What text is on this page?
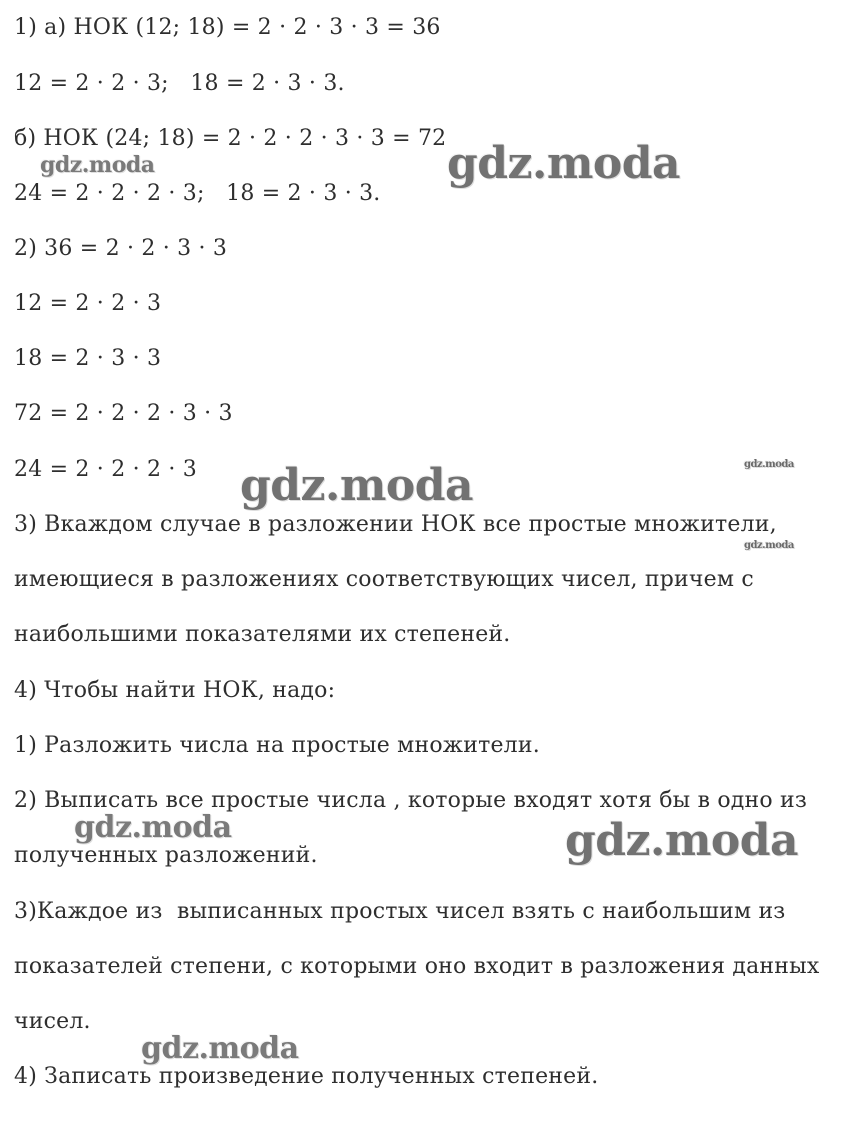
1) а) НОК (12; 18) = 2 · 2 · 3 · 3 = 36
12 = 2 · 2 · 3;   18 = 2 · 3 · 3.
б) НОК (24; 18) = 2 · 2 · 2 · 3 · 3 = 72
24 = 2 · 2 · 2 · 3;   18 = 2 · 3 · 3.
2) 36 = 2 · 2 · 3 · 3
12 = 2 · 2 · 3
18 = 2 · 3 · 3
72 = 2 · 2 · 2 · 3 · 3
24 = 2 · 2 · 2 · 3
3) Вкаждом случае в разложении НОК все простые множители,
имеющиеся в разложениях соответствующих чисел, причем с
наибольшими показателями их степеней.
4) Чтобы найти НОК, надо:
1) Разложить числа на простые множители.
2) Выписать все простые числа , которые входят хотя бы в одно из
полученных разложений.
3)Каждое из  выписанных простых чисел взять с наибольшим из
показателей степени, с которыми оно входит в разложения данных
чисел.
4) Записать произведение полученных степеней.
gdz.moda	gdz.moda
gdz.moda	gdz.moda
gdz.moda
gdz.moda	gdz.moda
gdz.moda
